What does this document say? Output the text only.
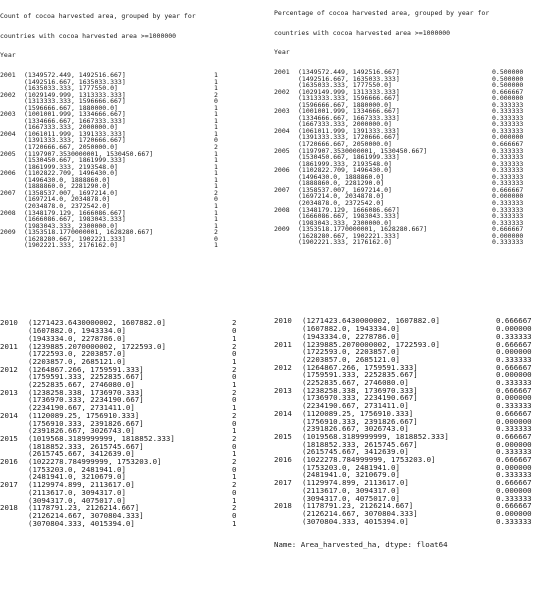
Count of cocoa harvested area, grouped by year for

countries with cocoa harvested area >=1000000

Year

2001	(1349572.449, 1492516.667]	1
(1492516.667, 1635033.333]	1
(1635033.333, 1777550.0]	1
2002	(1029149.999, 1313333.333]	2
(1313333.333, 1596666.667]	0
(1596666.667, 1880000.0]	1
2003	(1001001.999, 1334666.667]	1
(1334666.667, 1667333.333]	1
(1667333.333, 2000000.0]	1
2004	(1061011.999, 1391333.333]	1
(1391333.333, 1720666.667]	0
(1720666.667, 2050000.0]	2
2005	(1197907.3530000001, 1530450.667]	1
(1530450.667, 1861999.333]	1
(1861999.333, 2193548.0]	1
2006	(1102822.709, 1496430.0]	1
(1496430.0, 1888860.0]	1
(1888860.0, 2281290.0]	1
2007	(1358537.007, 1697214.0]	2
(1697214.0, 2034878.0]	0
(2034878.0, 2372542.0]	1
2008	(1348179.129, 1666086.667]	1
(1666086.667, 1983043.333]	1
(1983043.333, 2300000.0]	1
2009	(1353518.1770000001, 1628280.667]	2
(1628280.667, 1902221.333]	0
(1902221.333, 2176162.0]	1

Percentage of cocoa harvested area, grouped by year for

countries with cocoa harvested area >=1000000

Year

2001	(1349572.449, 1492516.667]	0.500000
(1492516.667, 1635033.333]	0.500000
(1635033.333, 1777550.0]	0.500000
2002	(1029149.999, 1313333.333]	0.666667
(1313333.333, 1596666.667]	0.000000
(1596666.667, 1880000.0]	0.333333
2003	(1001001.999, 1334666.667]	0.333333
(1334666.667, 1667333.333]	0.333333
(1667333.333, 2000000.0]	0.333333
2004	(1061011.999, 1391333.333]	0.333333
(1391333.333, 1720666.667]	0.000000
(1720666.667, 2050000.0]	0.666667
2005	(1197907.3530000001, 1530450.667]	0.333333
(1530450.667, 1861999.333]	0.333333
(1861999.333, 2193548.0]	0.333333
2006	(1102822.709, 1496430.0]	0.333333
(1496430.0, 1888860.0]	0.333333
(1888860.0, 2281290.0]	0.333333
2007	(1358537.007, 1697214.0]	0.666667
(1697214.0, 2034878.0]	0.000000
(2034878.0, 2372542.0]	0.333333
2008	(1348179.129, 1666086.667]	0.333333
(1666086.667, 1983043.333]	0.333333
(1983043.333, 2300000.0]	0.333333
2009	(1353518.1770000001, 1628280.667]	0.666667
(1628280.667, 1902221.333]	0.000000
(1902221.333, 2176162.0]	0.333333

2010	(1271423.6430000002, 1607882.0]	2
(1607882.0, 1943334.0]	0
(1943334.0, 2278786.0]	1
2011	(1239885.2070000002, 1722593.0]	2
(1722593.0, 2203857.0]	0
(2203857.0, 2685121.0]	1
2012	(1264867.266, 1759591.333]	2
(1759591.333, 2252835.667]	0
(2252835.667, 2746080.0]	1
2013	(1238258.338, 1736970.333]	2
(1736970.333, 2234190.667]	0
(2234190.667, 2731411.0]	1
2014	(1120089.25, 1756910.333]	2
(1756910.333, 2391826.667]	0
(2391826.667, 3026743.0]	1
2015	(1019568.3189999999, 1818852.333]	2
(1818852.333, 2615745.667]	0
(2615745.667, 3412639.0]	1
2016	(1022278.784999999, 1753203.0]	2
(1753203.0, 2481941.0]	0
(2481941.0, 3210679.0]	1
2017	(1129974.899, 2113617.0]	2
(2113617.0, 3094317.0]	0
(3094317.0, 4075017.0]	1
2018	(1178791.23, 2126214.667]	2
(2126214.667, 3070804.333]	0
(3070804.333, 4015394.0]	1

2010	(1271423.6430000002, 1607882.0]	0.666667
(1607882.0, 1943334.0]	0.000000
(1943334.0, 2278786.0]	0.333333
2011	(1239885.2070000002, 1722593.0]	0.666667
(1722593.0, 2203857.0]	0.000000
(2203857.0, 2685121.0]	0.333333
2012	(1264867.266, 1759591.333]	0.666667
(1759591.333, 2252835.667]	0.000000
(2252835.667, 2746080.0]	0.333333
2013	(1238258.338, 1736970.333]	0.666667
(1736970.333, 2234190.667]	0.000000
(2234190.667, 2731411.0]	0.333333
2014	(1120089.25, 1756910.333]	0.666667
(1756910.333, 2391826.667]	0.000000
(2391826.667, 3026743.0]	0.333333
2015	(1019568.3189999999, 1818852.333]	0.666667
(1818852.333, 2615745.667]	0.000000
(2615745.667, 3412639.0]	0.333333
2016	(1022278.784999999, 1753203.0]	0.666667
(1753203.0, 2481941.0]	0.000000
(2481941.0, 3210679.0]	0.333333
2017	(1129974.899, 2113617.0]	0.666667
(2113617.0, 3094317.0]	0.000000
(3094317.0, 4075017.0]	0.333333
2018	(1178791.23, 2126214.667]	0.666667
(2126214.667, 3070804.333]	0.000000
(3070804.333, 4015394.0]	0.333333

Name: Area_harvested_ha, dtype: float64
